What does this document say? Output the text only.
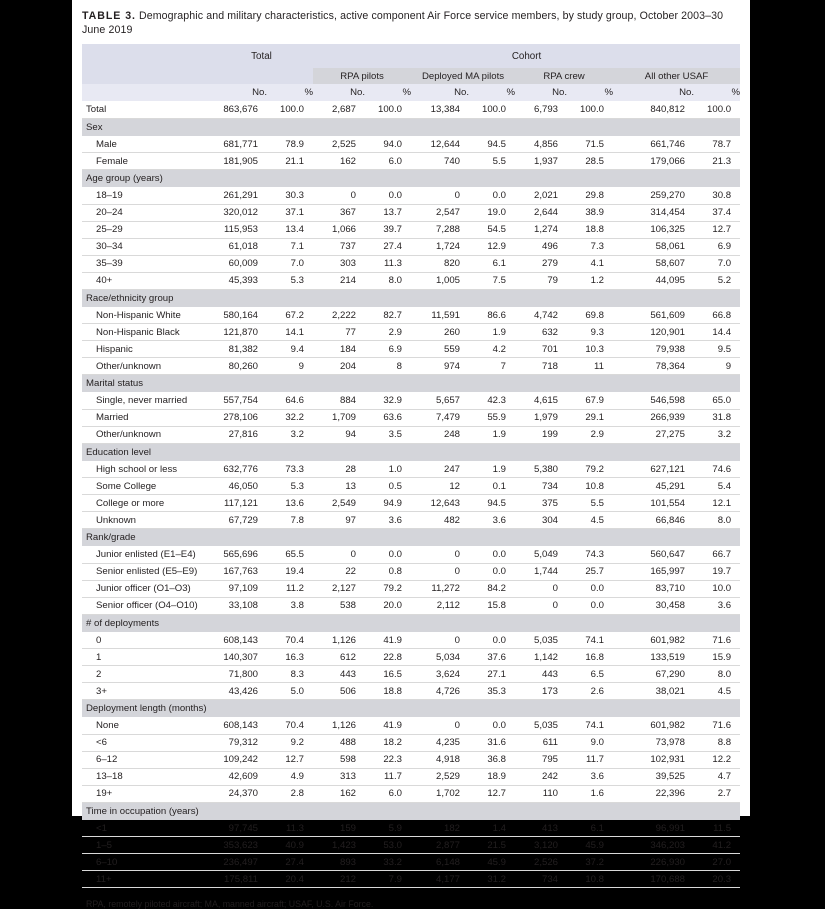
TABLE 3. Demographic and military characteristics, active component Air Force service members, by study group, October 2003–30 June 2019
	Total		Cohort							
			RPA pilots		Deployed MA pilots		RPA crew		All other USAF	
	No.	%	No.	%	No.	%	No.	%	No.	%
Total	863,676	100.0	2,687	100.0	13,384	100.0	6,793	100.0	840,812	100.0
Sex										
Male	681,771	78.9	2,525	94.0	12,644	94.5	4,856	71.5	661,746	78.7
Female	181,905	21.1	162	6.0	740	5.5	1,937	28.5	179,066	21.3
Age group (years)										
18–19	261,291	30.3	0	0.0	0	0.0	2,021	29.8	259,270	30.8
20–24	320,012	37.1	367	13.7	2,547	19.0	2,644	38.9	314,454	37.4
25–29	115,953	13.4	1,066	39.7	7,288	54.5	1,274	18.8	106,325	12.7
30–34	61,018	7.1	737	27.4	1,724	12.9	496	7.3	58,061	6.9
35–39	60,009	7.0	303	11.3	820	6.1	279	4.1	58,607	7.0
40+	45,393	5.3	214	8.0	1,005	7.5	79	1.2	44,095	5.2
Race/ethnicity group										
Non-Hispanic White	580,164	67.2	2,222	82.7	11,591	86.6	4,742	69.8	561,609	66.8
Non-Hispanic Black	121,870	14.1	77	2.9	260	1.9	632	9.3	120,901	14.4
Hispanic	81,382	9.4	184	6.9	559	4.2	701	10.3	79,938	9.5
Other/unknown	80,260	9	204	8	974	7	718	11	78,364	9
Marital status										
Single, never married	557,754	64.6	884	32.9	5,657	42.3	4,615	67.9	546,598	65.0
Married	278,106	32.2	1,709	63.6	7,479	55.9	1,979	29.1	266,939	31.8
Other/unknown	27,816	3.2	94	3.5	248	1.9	199	2.9	27,275	3.2
Education level										
High school or less	632,776	73.3	28	1.0	247	1.9	5,380	79.2	627,121	74.6
Some College	46,050	5.3	13	0.5	12	0.1	734	10.8	45,291	5.4
College or more	117,121	13.6	2,549	94.9	12,643	94.5	375	5.5	101,554	12.1
Unknown	67,729	7.8	97	3.6	482	3.6	304	4.5	66,846	8.0
Rank/grade										
Junior enlisted (E1–E4)	565,696	65.5	0	0.0	0	0.0	5,049	74.3	560,647	66.7
Senior enlisted (E5–E9)	167,763	19.4	22	0.8	0	0.0	1,744	25.7	165,997	19.7
Junior officer (O1–O3)	97,109	11.2	2,127	79.2	11,272	84.2	0	0.0	83,710	10.0
Senior officer (O4–O10)	33,108	3.8	538	20.0	2,112	15.8	0	0.0	30,458	3.6
# of deployments										
0	608,143	70.4	1,126	41.9	0	0.0	5,035	74.1	601,982	71.6
1	140,307	16.3	612	22.8	5,034	37.6	1,142	16.8	133,519	15.9
2	71,800	8.3	443	16.5	3,624	27.1	443	6.5	67,290	8.0
3+	43,426	5.0	506	18.8	4,726	35.3	173	2.6	38,021	4.5
Deployment length (months)										
None	608,143	70.4	1,126	41.9	0	0.0	5,035	74.1	601,982	71.6
<6	79,312	9.2	488	18.2	4,235	31.6	611	9.0	73,978	8.8
6–12	109,242	12.7	598	22.3	4,918	36.8	795	11.7	102,931	12.2
13–18	42,609	4.9	313	11.7	2,529	18.9	242	3.6	39,525	4.7
19+	24,370	2.8	162	6.0	1,702	12.7	110	1.6	22,396	2.7
Time in occupation (years)										
<1	97,745	11.3	159	5.9	182	1.4	413	6.1	96,991	11.5
1–5	353,623	40.9	1,423	53.0	2,877	21.5	3,120	45.9	346,203	41.2
6–10	236,497	27.4	893	33.2	6,148	45.9	2,526	37.2	226,930	27.0
11+	175,811	20.4	212	7.9	4,177	31.2	734	10.8	170,688	20.3
RPA, remotely piloted aircraft; MA, manned aircraft; USAF, U.S. Air Force.
